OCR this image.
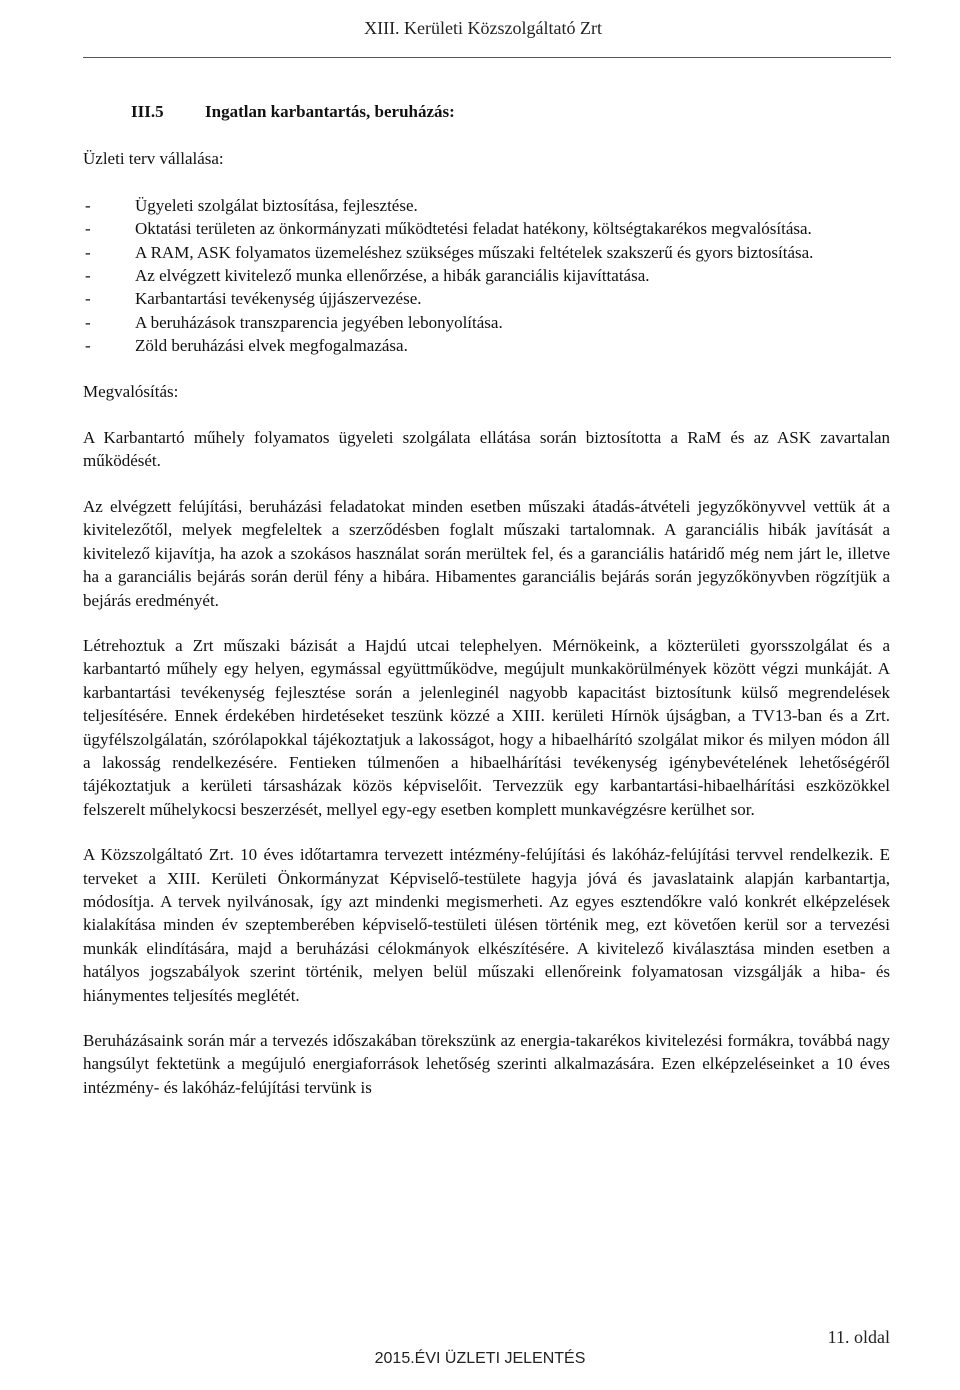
XIII. Kerületi Közszolgáltató Zrt
III.5 Ingatlan karbantartás, beruházás:
Üzleti terv vállalása:
- Ügyeleti szolgálat biztosítása, fejlesztése.
- Oktatási területen az önkormányzati működtetési feladat hatékony, költségtakarékos megvalósítása.
- A RAM, ASK folyamatos üzemeléshez szükséges műszaki feltételek szakszerű és gyors biztosítása.
- Az elvégzett kivitelező munka ellenőrzése, a hibák garanciális kijavíttatása.
- Karbantartási tevékenység újjászervezése.
- A beruházások transzparencia jegyében lebonyolítása.
- Zöld beruházási elvek megfogalmazása.
Megvalósítás:

A Karbantartó műhely folyamatos ügyeleti szolgálata ellátása során biztosította a RaM és az ASK zavartalan működését.

Az elvégzett felújítási, beruházási feladatokat minden esetben műszaki átadás-átvételi jegyzőkönyvvel vettük át a kivitelezőtől, melyek megfeleltek a szerződésben foglalt műszaki tartalomnak. A garanciális hibák javítását a kivitelező kijavítja, ha azok a szokásos használat során merültek fel, és a garanciális határidő még nem járt le, illetve ha a garanciális bejárás során derül fény a hibára. Hibamentes garanciális bejárás során jegyzőkönyvben rögzítjük a bejárás eredményét.

Létrehoztuk a Zrt műszaki bázisát a Hajdú utcai telephelyen. Mérnökeink, a közterületi gyorsszolgálat és a karbantartó műhely egy helyen, egymással együttműködve, megújult munkakörülmények között végzi munkáját. A karbantartási tevékenység fejlesztése során a jelenleginél nagyobb kapacitást biztosítunk külső megrendelések teljesítésére. Ennek érdekében hirdetéseket teszünk közzé a XIII. kerületi Hírnök újságban, a TV13-ban és a Zrt. ügyfélszolgálatán, szórólapokkal tájékoztatjuk a lakosságot, hogy a hibaelhárító szolgálat mikor és milyen módon áll a lakosság rendelkezésére. Fentieken túlmenően a hibaelhárítási tevékenység igénybevételének lehetőségéről tájékoztatjuk a kerületi társasházak közös képviselőit. Tervezzük egy karbantartási-hibaelhárítási eszközökkel felszerelt műhelykocsi beszerzését, mellyel egy-egy esetben komplett munkavégzésre kerülhet sor.

A Közszolgáltató Zrt. 10 éves időtartamra tervezett intézmény-felújítási és lakóház-felújítási tervvel rendelkezik. E terveket a XIII. Kerületi Önkormányzat Képviselő-testülete hagyja jóvá és javaslataink alapján karbantartja, módosítja. A tervek nyilvánosak, így azt mindenki megismerheti. Az egyes esztendőkre való konkrét elképzelések kialakítása minden év szeptemberében képviselő-testületi ülésen történik meg, ezt követően kerül sor a tervezési munkák elindítására, majd a beruházási célokmányok elkészítésére. A kivitelező kiválasztása minden esetben a hatályos jogszabályok szerint történik, melyen belül műszaki ellenőreink folyamatosan vizsgálják a hiba- és hiánymentes teljesítés meglétét.

Beruházásaink során már a tervezés időszakában törekszünk az energia-takarékos kivitelezési formákra, továbbá nagy hangsúlyt fektetünk a megújuló energiaforrások lehetőség szerinti alkalmazására. Ezen elképzeléseinket a 10 éves intézmény- és lakóház-felújítási tervünk is

11. oldal
2015.ÉVI ÜZLETI JELENTÉS
